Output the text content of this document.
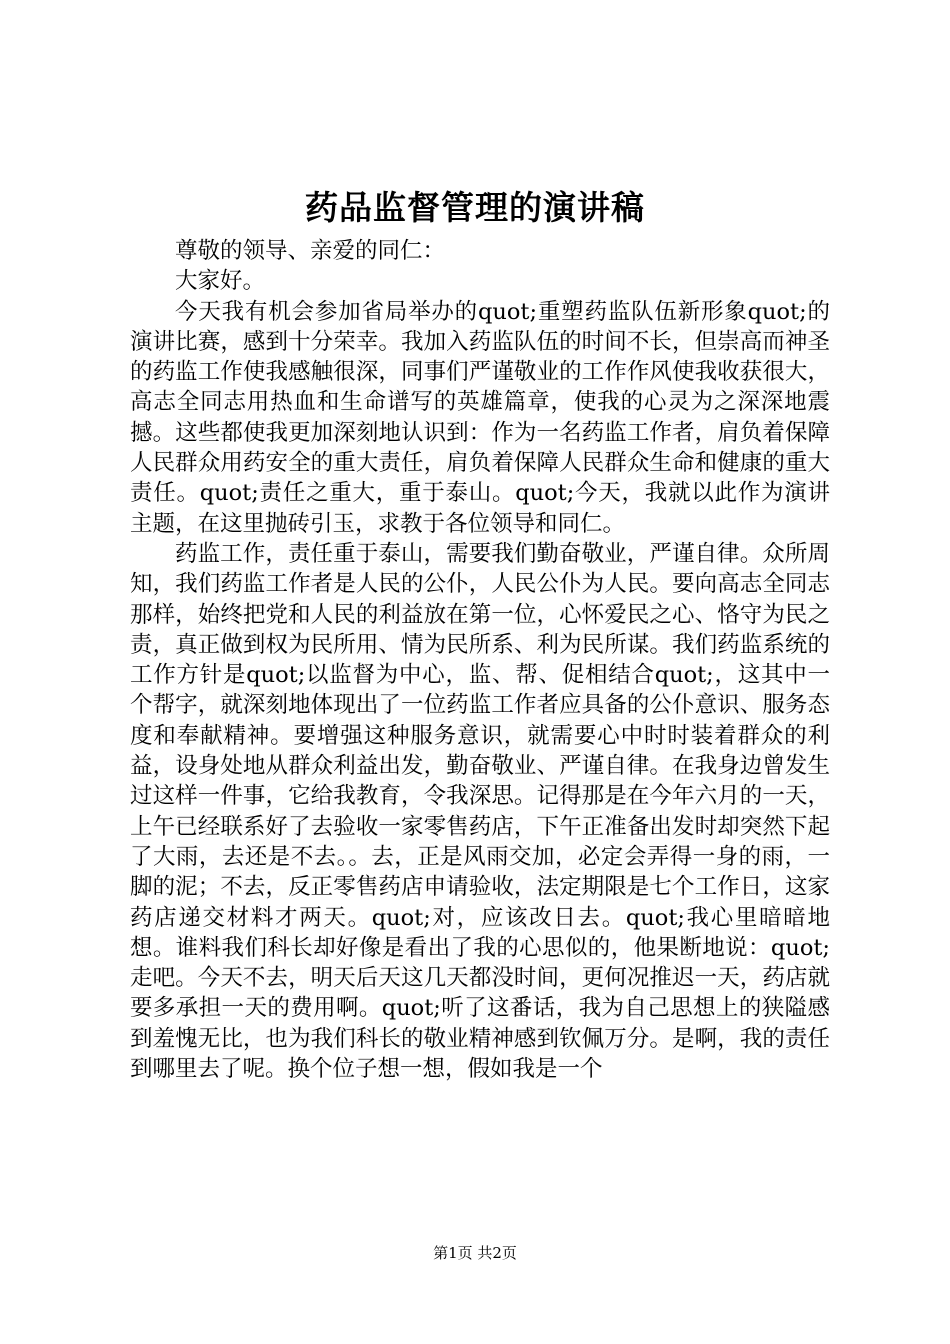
药品监督管理的演讲稿

尊敬的领导、亲爱的同仁：

大家好。

今天我有机会参加省局举办的quot;重塑药监队伍新形象quot;的演讲比赛，感到十分荣幸。我加入药监队伍的时间不长，但崇高而神圣的药监工作使我感触很深，同事们严谨敬业的工作作风使我收获很大，高志全同志用热血和生命谱写的英雄篇章，使我的心灵为之深深地震撼。这些都使我更加深刻地认识到：作为一名药监工作者，肩负着保障人民群众用药安全的重大责任，肩负着保障人民群众生命和健康的重大责任。quot;责任之重大，重于泰山。quot;今天，我就以此作为演讲主题，在这里抛砖引玉，求教于各位领导和同仁。

药监工作，责任重于泰山，需要我们勤奋敬业，严谨自律。众所周知，我们药监工作者是人民的公仆，人民公仆为人民。要向高志全同志那样，始终把党和人民的利益放在第一位，心怀爱民之心、恪守为民之责，真正做到权为民所用、情为民所系、利为民所谋。我们药监系统的工作方针是quot;以监督为中心，监、帮、促相结合quot;，这其中一个帮字，就深刻地体现出了一位药监工作者应具备的公仆意识、服务态度和奉献精神。要增强这种服务意识，就需要心中时时装着群众的利益，设身处地从群众利益出发，勤奋敬业、严谨自律。在我身边曾发生过这样一件事，它给我教育，令我深思。记得那是在今年六月的一天，上午已经联系好了去验收一家零售药店，下午正准备出发时却突然下起了大雨，去还是不去。。去，正是风雨交加，必定会弄得一身的雨，一脚的泥；不去，反正零售药店申请验收，法定期限是七个工作日，这家药店递交材料才两天。quot;对，应该改日去。quot;我心里暗暗地想。谁料我们科长却好像是看出了我的心思似的，他果断地说：quot;走吧。今天不去，明天后天这几天都没时间，更何况推迟一天，药店就要多承担一天的费用啊。quot;听了这番话，我为自己思想上的狭隘感到羞愧无比，也为我们科长的敬业精神感到钦佩万分。是啊，我的责任到哪里去了呢。换个位子想一想，假如我是一个

第1页 共2页
